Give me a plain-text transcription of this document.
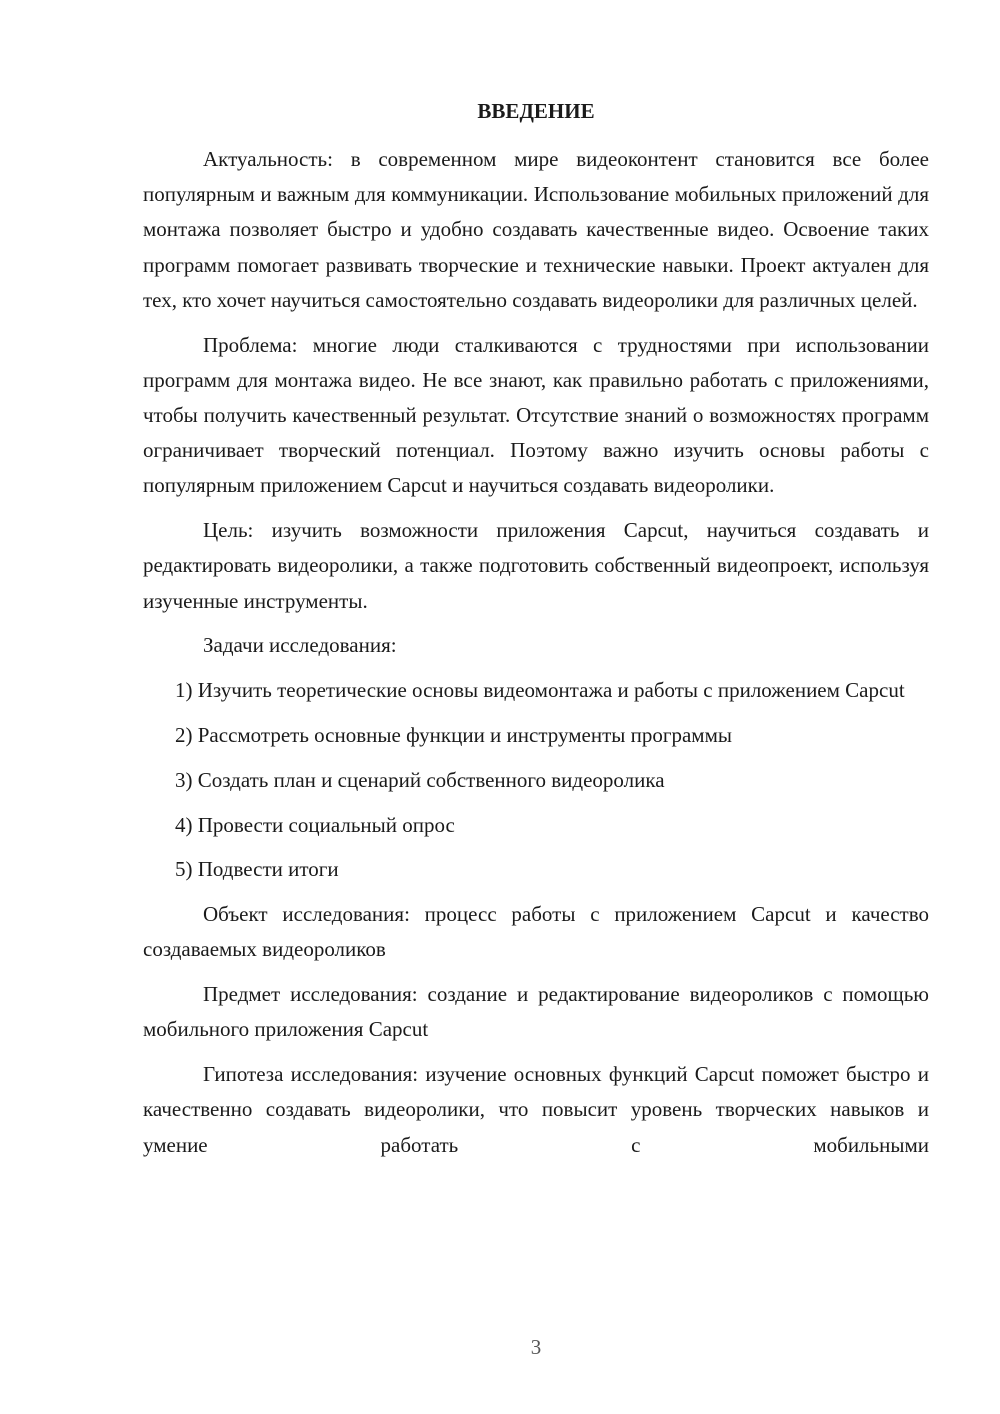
ВВЕДЕНИЕ

Актуальность: в современном мире видеоконтент становится все более популярным и важным для коммуникации. Использование мобильных приложений для монтажа позволяет быстро и удобно создавать качественные видео. Освоение таких программ помогает развивать творческие и технические навыки. Проект актуален для тех, кто хочет научиться самостоятельно создавать видеоролики для различных целей.

Проблема: многие люди сталкиваются с трудностями при использовании программ для монтажа видео. Не все знают, как правильно работать с приложениями, чтобы получить качественный результат. Отсутствие знаний о возможностях программ ограничивает творческий потенциал. Поэтому важно изучить основы работы с популярным приложением Capcut и научиться создавать видеоролики.

Цель: изучить возможности приложения Capcut, научиться создавать и редактировать видеоролики, а также подготовить собственный видеопроект, используя изученные инструменты.

Задачи исследования:

1) Изучить теоретические основы видеомонтажа и работы с приложением Capcut

2) Рассмотреть основные функции и инструменты программы

3) Создать план и сценарий собственного видеоролика

4) Провести социальный опрос

5) Подвести итоги

Объект исследования: процесс работы с приложением Capcut и качество создаваемых видеороликов

Предмет исследования: создание и редактирование видеороликов с помощью мобильного приложения Capcut

Гипотеза исследования: изучение основных функций Capcut поможет быстро и качественно создавать видеоролики, что повысит уровень творческих навыков и умение работать с мобильными

3
